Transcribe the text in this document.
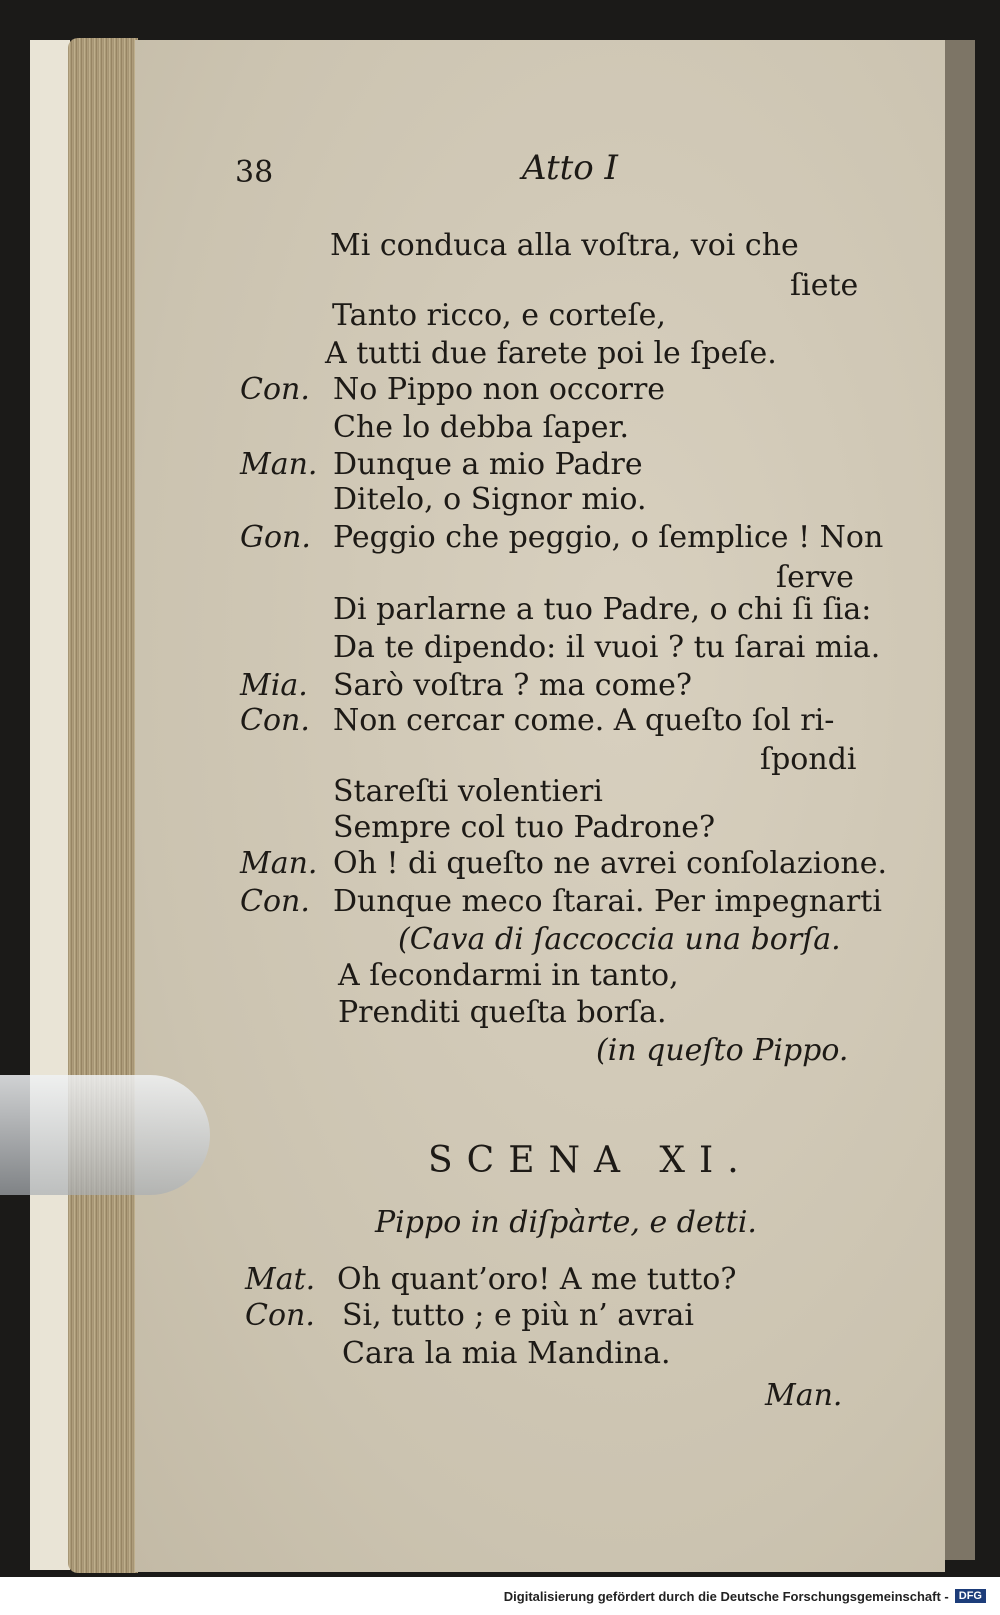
38	Atto I
Mi conduca alla voſtra, voi che
ſiete
Tanto ricco, e corteſe,
A tutti due farete poi le ſpeſe.
Con. No Pippo non occorre
Che lo debba ſaper.
Man. Dunque a mio Padre
Ditelo, o Signor mio.
Gon. Peggio che peggio, o ſemplice ! Non
ſerve
Di parlarne a tuo Padre, o chi ſi ſia:
Da te dipendo: il vuoi ? tu ſarai mia.
Mia. Sarò voſtra ? ma come?
Con. Non cercar come. A queſto ſol ri-
ſpondi
Stareſti volentieri
Sempre col tuo Padrone?
Man. Oh ! di queſto ne avrei conſolazione.
Con. Dunque meco ſtarai. Per impegnarti
(Cava di ſaccoccia una borſa.
A ſecondarmi in tanto,
Prenditi queſta borſa.
(in queſto Pippo.
SCENA XI.
Pippo in diſpàrte, e detti.
Mat. Oh quant’oro! A me tutto?
Con. Si, tutto ; e più n’ avrai
Cara la mia Mandina.
Man.
Digitalisierung gefördert durch die Deutsche Forschungsgemeinschaft - DFG
